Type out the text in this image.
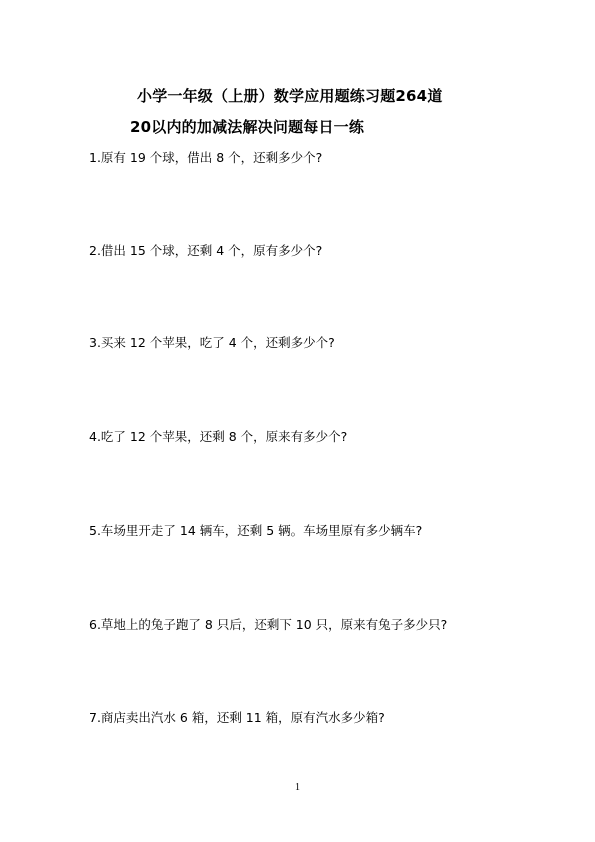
小学一年级（上册）数学应用题练习题264道
20以内的加减法解决问题每日一练
1.原有 19 个球，借出 8 个，还剩多少个?
2.借出 15 个球，还剩 4 个，原有多少个?
3.买来 12 个苹果，吃了 4 个，还剩多少个?
4.吃了 12 个苹果，还剩 8 个，原来有多少个?
5.车场里开走了 14 辆车，还剩 5 辆。车场里原有多少辆车?
6.草地上的兔子跑了 8 只后，还剩下 10 只，原来有兔子多少只?
7.商店卖出汽水 6 箱，还剩 11 箱，原有汽水多少箱?
1
